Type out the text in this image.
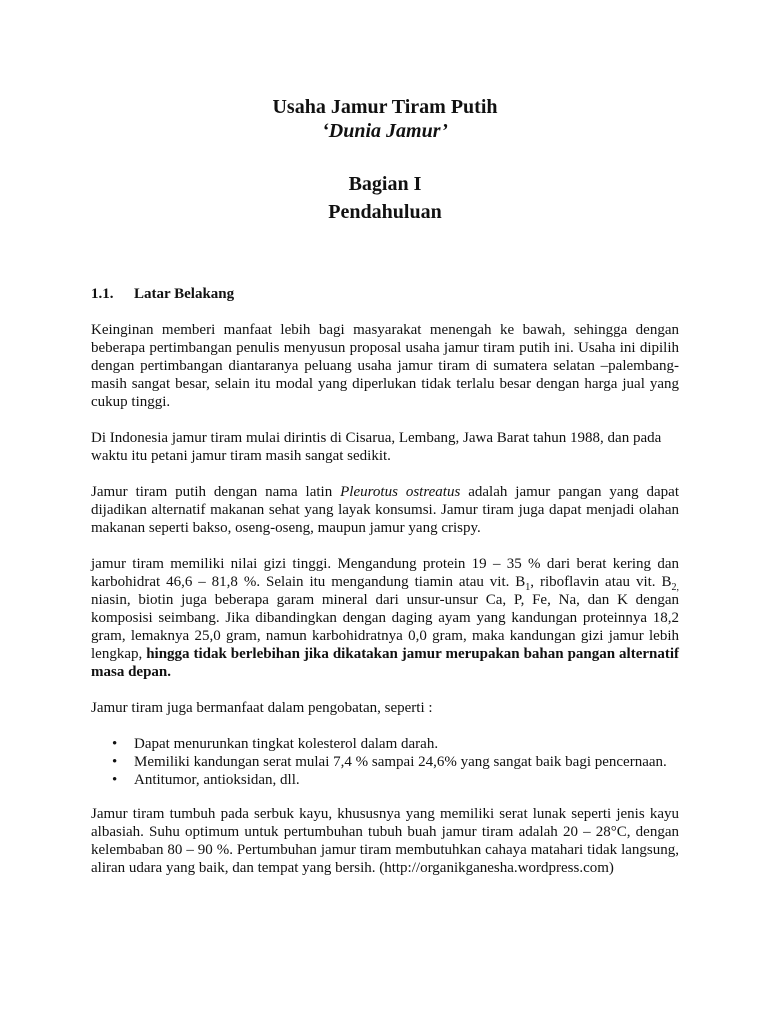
Usaha Jamur Tiram Putih
‘Dunia Jamur’
Bagian I
Pendahuluan
1.1. Latar Belakang

Keinginan memberi manfaat lebih bagi masyarakat menengah ke bawah, sehingga dengan beberapa pertimbangan penulis menyusun proposal usaha jamur tiram putih ini. Usaha ini dipilih dengan pertimbangan diantaranya peluang usaha jamur tiram di sumatera selatan –palembang- masih sangat besar, selain itu modal yang diperlukan tidak terlalu besar dengan harga jual yang cukup tinggi.

Di Indonesia jamur tiram mulai dirintis di Cisarua, Lembang, Jawa Barat tahun 1988, dan pada waktu itu petani jamur tiram masih sangat sedikit.

Jamur tiram putih dengan nama latin Pleurotus ostreatus adalah jamur pangan yang dapat dijadikan alternatif makanan sehat yang layak konsumsi. Jamur tiram juga dapat menjadi olahan makanan seperti bakso, oseng-oseng, maupun jamur yang crispy.

jamur tiram memiliki nilai gizi tinggi. Mengandung protein 19 – 35 % dari berat kering dan karbohidrat 46,6 – 81,8 %. Selain itu mengandung tiamin atau vit. $B_1$, riboflavin atau vit. $B_{2,}$ niasin, biotin juga beberapa garam mineral dari unsur-unsur Ca, P, Fe, Na, dan K dengan komposisi seimbang. Jika dibandingkan dengan daging ayam yang kandungan proteinnya 18,2 gram, lemaknya 25,0 gram, namun karbohidratnya 0,0 gram, maka kandungan gizi jamur lebih lengkap, hingga tidak berlebihan jika dikatakan jamur merupakan bahan pangan alternatif masa depan.

Jamur tiram juga bermanfaat dalam pengobatan, seperti :

• Dapat menurunkan tingkat kolesterol dalam darah.
• Memiliki kandungan serat mulai 7,4 % sampai 24,6% yang sangat baik bagi pencernaan.
• Antitumor, antioksidan, dll.

Jamur tiram tumbuh pada serbuk kayu, khususnya yang memiliki serat lunak seperti jenis kayu albasiah. Suhu optimum untuk pertumbuhan tubuh buah jamur tiram adalah 20 – 28°C, dengan kelembaban 80 – 90 %. Pertumbuhan jamur tiram membutuhkan cahaya matahari tidak langsung, aliran udara yang baik, dan tempat yang bersih. (http://organikganesha.wordpress.com)
